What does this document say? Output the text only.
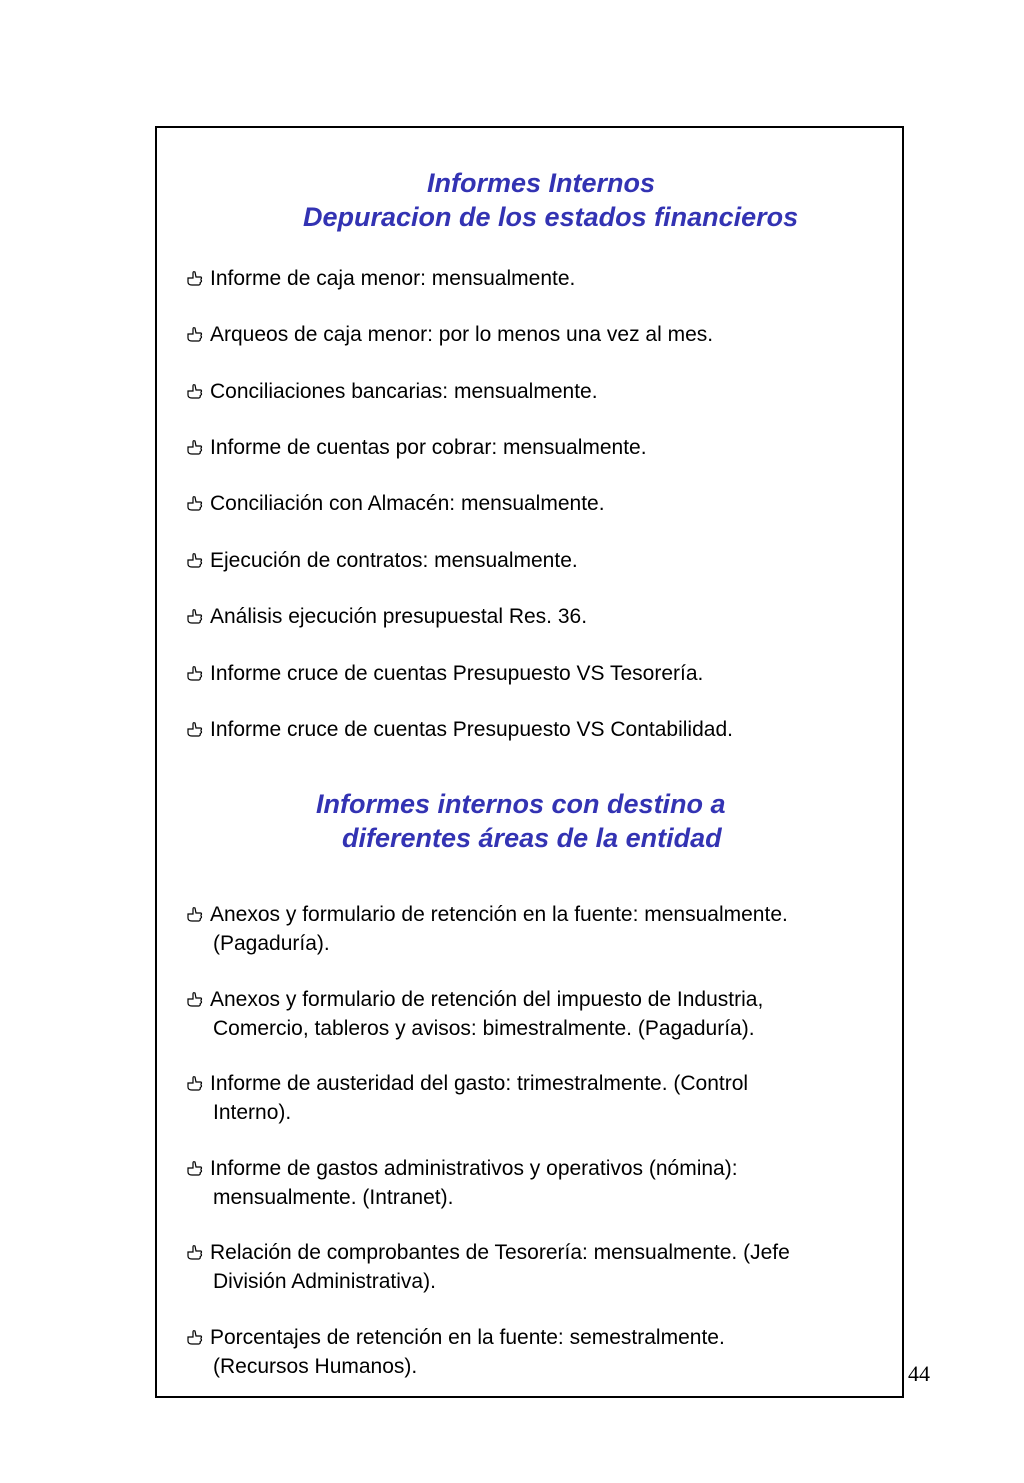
Informes Internos
Depuracion de los estados financieros
Informe de caja menor: mensualmente.
Arqueos de caja menor: por lo menos una vez al mes.
Conciliaciones bancarias: mensualmente.
Informe de cuentas por cobrar: mensualmente.
Conciliación con Almacén: mensualmente.
Ejecución de contratos: mensualmente.
Análisis ejecución presupuestal Res. 36.
Informe cruce de cuentas Presupuesto VS Tesorería.
Informe cruce de cuentas Presupuesto VS Contabilidad.
Informes internos con destino a
diferentes áreas de la entidad
Anexos y formulario de retención en la fuente: mensualmente.
(Pagaduría).
Anexos y formulario de retención del impuesto de Industria,
Comercio, tableros y avisos: bimestralmente. (Pagaduría).
Informe de austeridad del gasto: trimestralmente. (Control
Interno).
Informe de gastos administrativos y operativos (nómina):
mensualmente. (Intranet).
Relación de comprobantes de Tesorería: mensualmente. (Jefe
División Administrativa).
Porcentajes de retención en la fuente: semestralmente.
(Recursos Humanos).	44
